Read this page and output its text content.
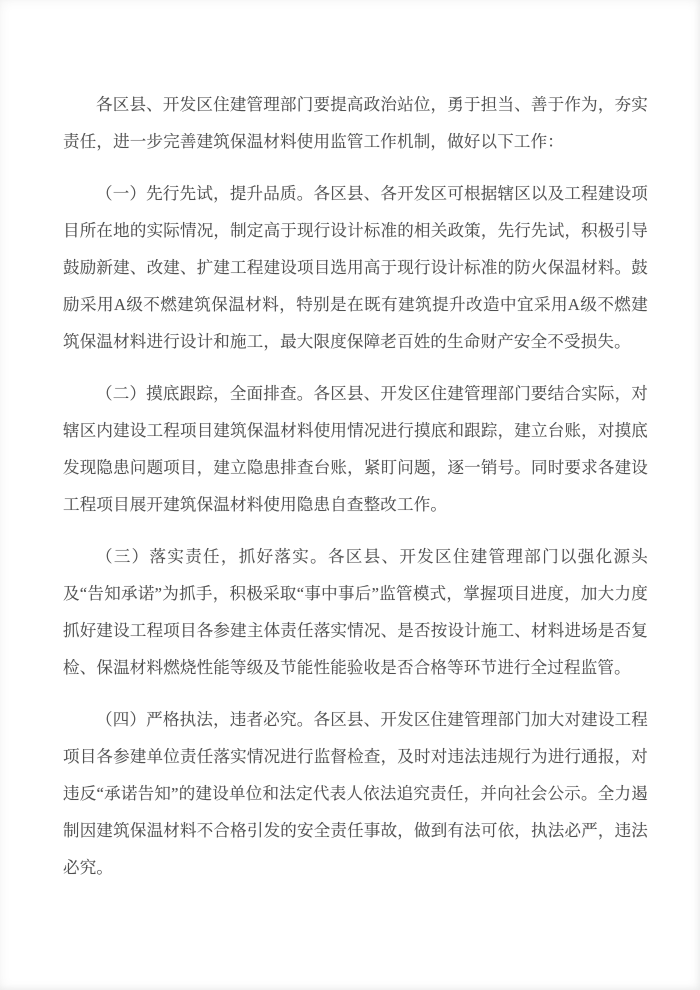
各区县、开发区住建管理部门要提高政治站位，勇于担当、善于作为，夯实责任，进一步完善建筑保温材料使用监管工作机制，做好以下工作：

（一）先行先试，提升品质。各区县、各开发区可根据辖区以及工程建设项目所在地的实际情况，制定高于现行设计标准的相关政策，先行先试，积极引导鼓励新建、改建、扩建工程建设项目选用高于现行设计标准的防火保温材料。鼓励采用A级不燃建筑保温材料，特别是在既有建筑提升改造中宜采用A级不燃建筑保温材料进行设计和施工，最大限度保障老百姓的生命财产安全不受损失。

（二）摸底跟踪，全面排查。各区县、开发区住建管理部门要结合实际，对辖区内建设工程项目建筑保温材料使用情况进行摸底和跟踪，建立台账，对摸底发现隐患问题项目，建立隐患排查台账，紧盯问题，逐一销号。同时要求各建设工程项目展开建筑保温材料使用隐患自查整改工作。

（三）落实责任，抓好落实。各区县、开发区住建管理部门以强化源头及“告知承诺”为抓手，积极采取“事中事后”监管模式，掌握项目进度，加大力度抓好建设工程项目各参建主体责任落实情况、是否按设计施工、材料进场是否复检、保温材料燃烧性能等级及节能性能验收是否合格等环节进行全过程监管。

（四）严格执法，违者必究。各区县、开发区住建管理部门加大对建设工程项目各参建单位责任落实情况进行监督检查，及时对违法违规行为进行通报，对违反“承诺告知”的建设单位和法定代表人依法追究责任，并向社会公示。全力遏制因建筑保温材料不合格引发的安全责任事故，做到有法可依，执法必严，违法必究。
